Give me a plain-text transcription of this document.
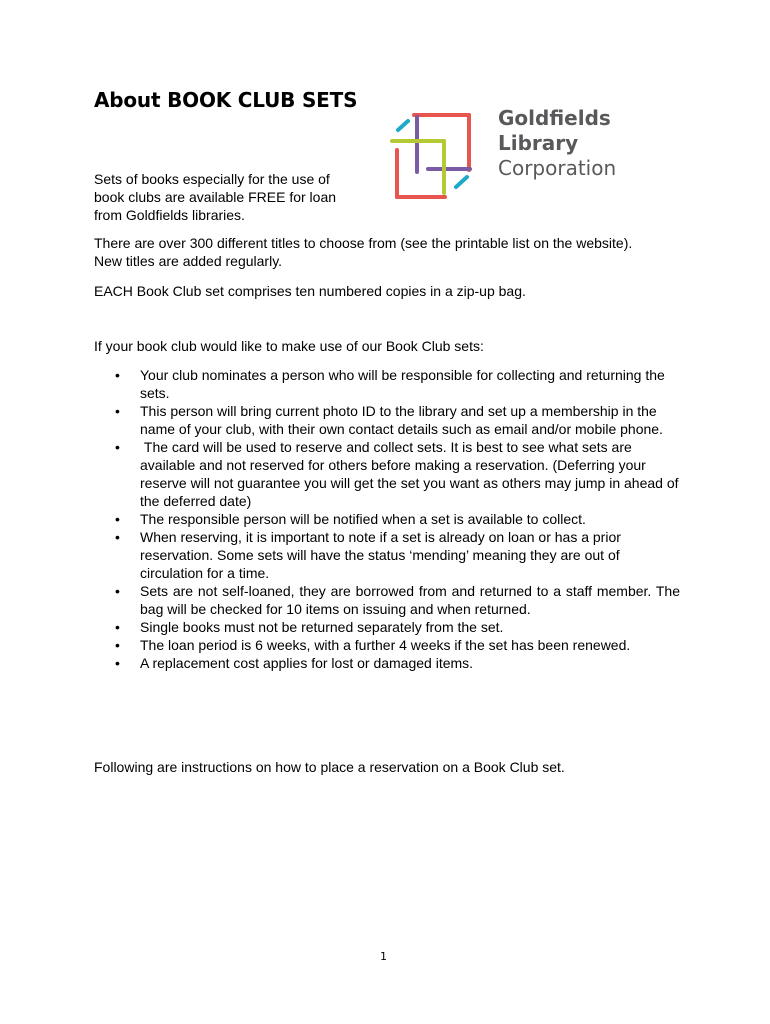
About BOOK CLUB SETS
Goldfields
Library
Corporation
Sets of books especially for the use of book clubs are available FREE for loan from Goldfields libraries.
There are over 300 different titles to choose from (see the printable list on the website). New titles are added regularly.
EACH Book Club set comprises ten numbered copies in a zip-up bag.
If your book club would like to make use of our Book Club sets:
• Your club nominates a person who will be responsible for collecting and returning the sets.
• This person will bring current photo ID to the library and set up a membership in the name of your club, with their own contact details such as email and/or mobile phone.
• The card will be used to reserve and collect sets. It is best to see what sets are available and not reserved for others before making a reservation. (Deferring your reserve will not guarantee you will get the set you want as others may jump in ahead of the deferred date)
• The responsible person will be notified when a set is available to collect.
• When reserving, it is important to note if a set is already on loan or has a prior reservation. Some sets will have the status ‘mending’ meaning they are out of circulation for a time.
• Sets are not self-loaned, they are borrowed from and returned to a staff member. The bag will be checked for 10 items on issuing and when returned.
• Single books must not be returned separately from the set.
• The loan period is 6 weeks, with a further 4 weeks if the set has been renewed.
• A replacement cost applies for lost or damaged items.
Following are instructions on how to place a reservation on a Book Club set.
1
